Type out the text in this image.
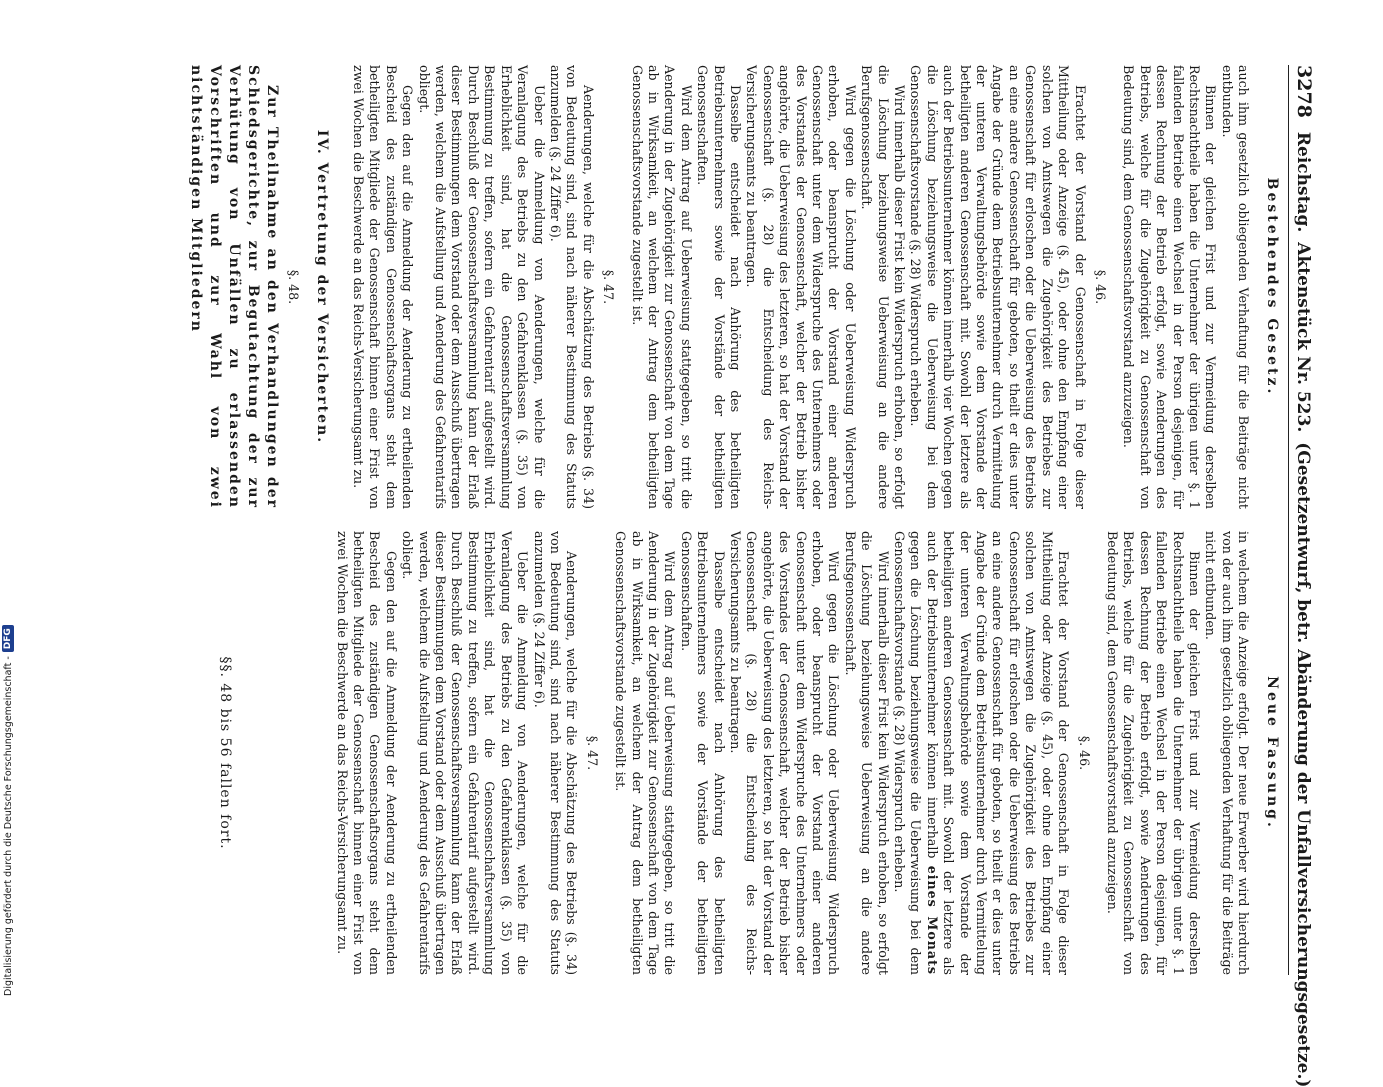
3278
Reichstag.
Aktenstück Nr. 523.
(Gesetzentwurf, betr. Abänderung der Unfallversicherungsgesetze.)
Bestehendes Gesetz.

auch ihm gesetzlich obliegenden Verhaftung für die Beiträge nicht entbunden.

Binnen der gleichen Frist und zur Vermeidung derselben Rechtsnachtheile haben die Unternehmer der übrigen unter §. 1 fallenden Betriebe einen Wechsel in der Person desjenigen, für dessen Rechnung der Betrieb erfolgt, sowie Aenderungen des Betriebs, welche für die Zugehörigkeit zu Genossenschaft von Bedeutung sind, dem Genossenschaftsvorstand anzuzeigen.

§. 46.

Erachtet der Vorstand der Genossenschaft in Folge dieser Mittheilung oder Anzeige (§. 45), oder ohne den Empfang einer solchen von Amtswegen die Zugehörigkeit des Betriebes zur Genossenschaft für erloschen oder die Ueberweisung des Betriebs an eine andere Genossenschaft für geboten, so theilt er dies unter Angabe der Gründe dem Betriebsunternehmer durch Vermittelung der unteren Verwaltungsbehörde sowie dem Vorstande der betheiligten anderen Genossenschaft mit. Sowohl der letztere als auch der Betriebsunternehmer können innerhalb vier Wochen gegen die Löschung beziehungsweise die Ueberweisung bei dem Genossenschaftsvorstande (§. 28) Widerspruch erheben.

Wird innerhalb dieser Frist kein Widerspruch erhoben, so erfolgt die Löschung beziehungsweise Ueberweisung an die andere Berufsgenossenschaft.

Wird gegen die Löschung oder Ueberweisung Widerspruch erhoben, oder beansprucht der Vorstand einer anderen Genossenschaft unter dem Widerspruche des Unternehmers oder des Vorstandes der Genossenschaft, welcher der Betrieb bisher angehörte, die Ueberweisung des letzteren, so hat der Vorstand der Genossenschaft (§. 28) die Entscheidung des Reichs-Versicherungsamts zu beantragen.

Dasselbe entscheidet nach Anhörung des betheiligten Betriebsunternehmers sowie der Vorstände der betheiligten Genossenschaften.

Wird dem Antrag auf Ueberweisung stattgegeben, so tritt die Aenderung in der Zugehörigkeit zur Genossenschaft von dem Tage ab in Wirksamkeit, an welchem der Antrag dem betheiligten Genossenschaftsvorstande zugestellt ist.

§. 47.

Aenderungen, welche für die Abschätzung des Betriebs (§. 34) von Bedeutung sind, sind nach näherer Bestimmung des Statuts anzumelden (§. 24 Ziffer 6).

Ueber die Anmeldung von Aenderungen, welche für die Veranlagung des Betriebs zu den Gefahrenklassen (§. 35) von Erheblichkeit sind, hat die Genossenschaftsversammlung Bestimmung zu treffen, sofern ein Gefahrentarif aufgestellt wird. Durch Beschluß der Genossenschaftsversammlung kann der Erlaß dieser Bestimmungen dem Vorstand oder dem Ausschuß übertragen werden, welchem die Aufstellung und Aenderung des Gefahrentarifs obliegt.

Gegen den auf die Anmeldung der Aenderung zu ertheilenden Bescheid des zuständigen Genossenschaftsorgans steht dem betheiligten Mitgliede der Genossenschaft binnen einer Frist von zwei Wochen die Beschwerde an das Reichs-Versicherungsamt zu.

IV. Vertretung der Versicherten.
§. 48.

Zur Theilnahme an den Verhandlungen der Schiedsgerichte, zur Begutachtung der zur Verhütung von Unfällen zu erlassenden Vorschriften und zur Wahl von zwei nichtständigen Mitgliedern

Neue Fassung.

in welchem die Anzeige erfolgt. Der neue Erwerber wird hierdurch von der auch ihm gesetzlich obliegenden Verhaftung für die Beiträge nicht entbunden.

Binnen der gleichen Frist und zur Vermeidung derselben Rechtsnachtheile haben die Unternehmer der übrigen unter §. 1 fallenden Betriebe einen Wechsel in der Person desjenigen, für dessen Rechnung der Betrieb erfolgt, sowie Aenderungen des Betriebs, welche für die Zugehörigkeit zu Genossenschaft von Bedeutung sind, dem Genossenschaftsvorstand anzuzeigen.

§. 46.

Erachtet der Vorstand der Genossenschaft in Folge dieser Mittheilung oder Anzeige (§. 45), oder ohne den Empfang einer solchen von Amtswegen die Zugehörigkeit des Betriebes zur Genossenschaft für erloschen oder die Ueberweisung des Betriebs an eine andere Genossenschaft für geboten, so theilt er dies unter Angabe der Gründe dem Betriebsunternehmer durch Vermittelung der unteren Verwaltungsbehörde sowie dem Vorstande der betheiligten anderen Genossenschaft mit. Sowohl der letztere als auch der Betriebsunternehmer können innerhalb eines Monats gegen die Löschung beziehungsweise die Ueberweisung bei dem Genossenschaftsvorstande (§. 28) Widerspruch erheben.

Wird innerhalb dieser Frist kein Widerspruch erhoben, so erfolgt die Löschung beziehungsweise Ueberweisung an die andere Berufsgenossenschaft.

Wird gegen die Löschung oder Ueberweisung Widerspruch erhoben, oder beansprucht der Vorstand einer anderen Genossenschaft unter dem Widerspruche des Unternehmers oder des Vorstandes der Genossenschaft, welcher der Betrieb bisher angehörte, die Ueberweisung des letzteren, so hat der Vorstand der Genossenschaft (§. 28) die Entscheidung des Reichs-Versicherungsamts zu beantragen.

Dasselbe entscheidet nach Anhörung des betheiligten Betriebsunternehmers sowie der Vorstände der betheiligten Genossenschaften.

Wird dem Antrag auf Ueberweisung stattgegeben, so tritt die Aenderung in der Zugehörigkeit zur Genossenschaft von dem Tage ab in Wirksamkeit, an welchem der Antrag dem betheiligten Genossenschaftsvorstande zugestellt ist.

§. 47.

Aenderungen, welche für die Abschätzung des Betriebs (§. 34) von Bedeutung sind, sind nach näherer Bestimmung des Statuts anzumelden (§. 24 Ziffer 6).

Ueber die Anmeldung von Aenderungen, welche für die Veranlagung des Betriebs zu den Gefahrenklassen (§. 35) von Erheblichkeit sind, hat die Genossenschaftsversammlung Bestimmung zu treffen, sofern ein Gefahrentarif aufgestellt wird. Durch Beschluß der Genossenschaftsversammlung kann der Erlaß dieser Bestimmungen dem Vorstand oder dem Ausschuß übertragen werden, welchem die Aufstellung und Aenderung des Gefahrentarifs obliegt.

Gegen den auf die Anmeldung der Aenderung zu ertheilenden Bescheid des zuständigen Genossenschaftsorgans steht dem betheiligten Mitgliede der Genossenschaft binnen einer Frist von zwei Wochen die Beschwerde an das Reichs-Versicherungsamt zu.

§§. 48 bis 56 fallen fort.
Digitalisierung gefördert durch die Deutsche Forschungsgemeinschaft -
DFG
